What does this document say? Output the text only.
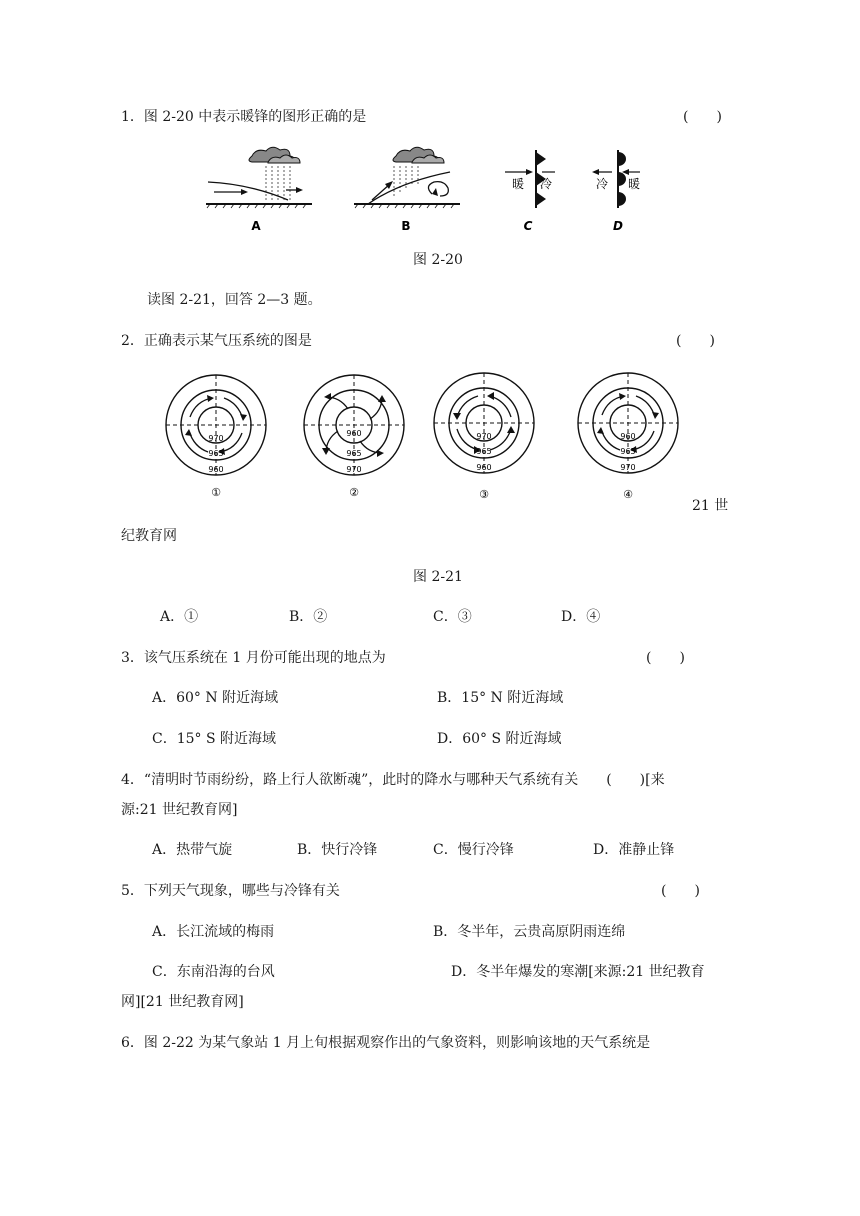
1．图 2-20 中表示暖锋的图形正确的是	(　　)
A	B
暖 冷
C
冷 暖
D
图 2-20
读图 2-21，回答 2—3 题。
2．正确表示某气压系统的图是	(　　)
970
965
960
①
960
965
970
②
970
965
960
③
960
965
970
④
21 世
纪教育网
图 2-21
A．①	B．②	C．③	D．④
3．该气压系统在 1 月份可能出现的地点为	(　　)
A．60° N 附近海域	B．15° N 附近海域
C．15° S 附近海域	D．60° S 附近海域
4．“清明时节雨纷纷，路上行人欲断魂”，此时的降水与哪种天气系统有关　　(　　)[来
源:21 世纪教育网]
A．热带气旋	B．快行冷锋	C．慢行冷锋	D．准静止锋
5．下列天气现象，哪些与冷锋有关	(　　)
A．长江流域的梅雨	B．冬半年，云贵高原阴雨连绵
C．东南沿海的台风	D．冬半年爆发的寒潮[来源:21 世纪教育
网][21 世纪教育网]
6．图 2-22 为某气象站 1 月上旬根据观察作出的气象资料，则影响该地的天气系统是
